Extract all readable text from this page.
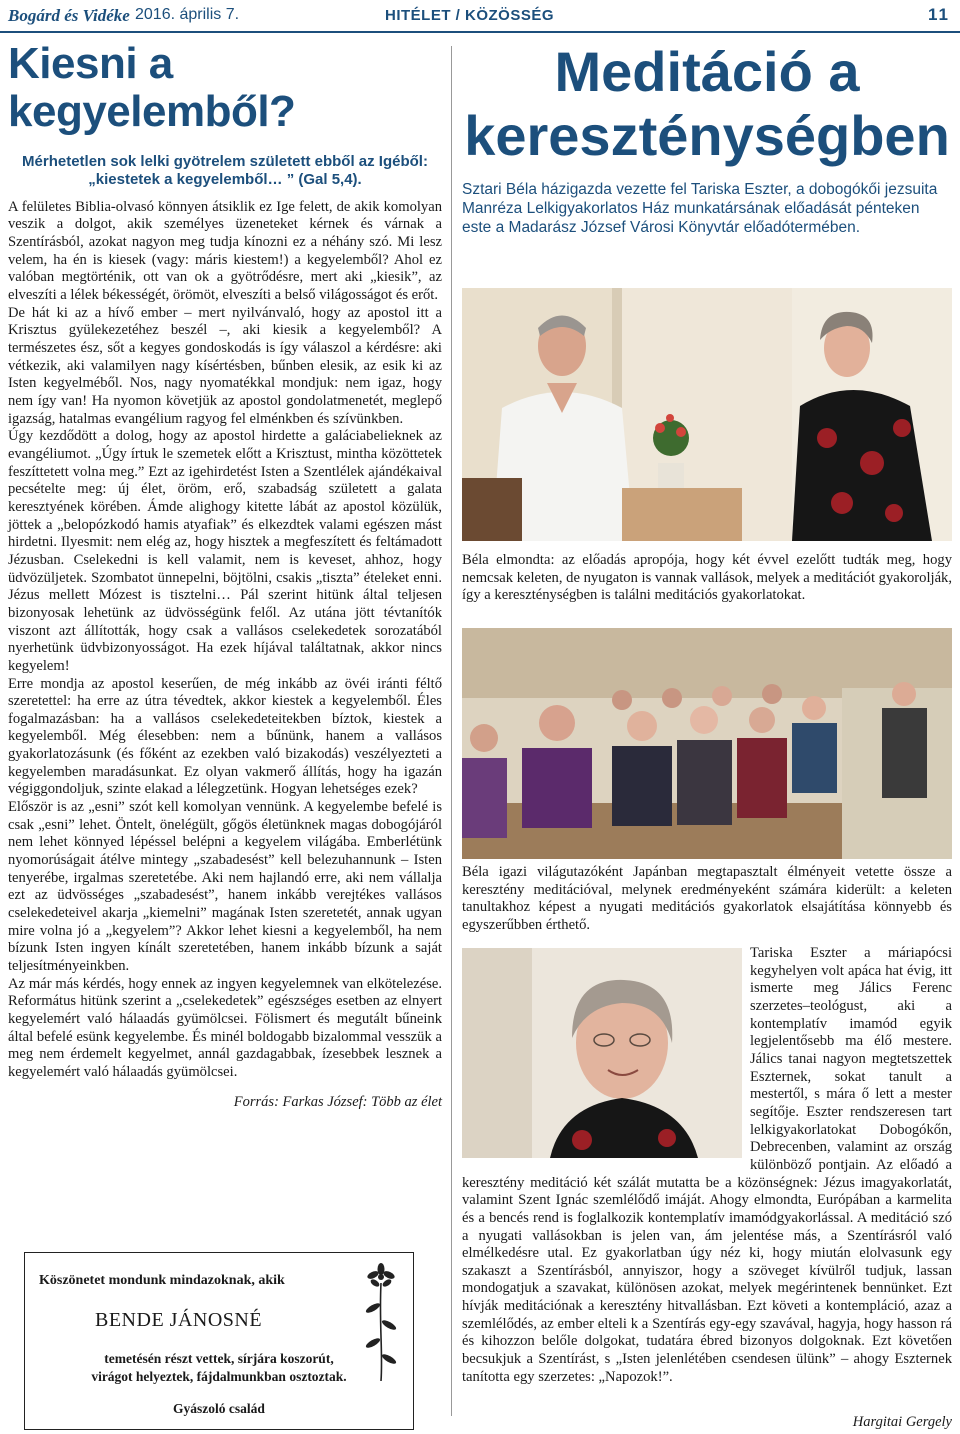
Bogárd és Vidéke 2016. április 7.	HITÉLET / KÖZÖSSÉG	11
Kiesni a kegyelemből?
Mérhetetlen sok lelki gyötrelem született ebből az Igéből: „kiestetek a kegyelemből… ” (Gal 5,4).

A felületes Biblia-olvasó könnyen átsiklik ez Ige felett, de akik komolyan veszik a dolgot, akik személyes üzeneteket kérnek és várnak a Szentírásból, azokat nagyon meg tudja kínozni ez a néhány szó. Mi lesz velem, ha én is kiesek (vagy: máris kiestem!) a kegyelemből? Ahol ez valóban megtörténik, ott van ok a gyötrődésre, mert aki „kiesik”, az elveszíti a lélek békességét, örömöt, elveszíti a belső világosságot és erőt.

De hát ki az a hívő ember – mert nyilvánvaló, hogy az apostol itt a Krisztus gyülekezetéhez beszél –, aki kiesik a kegyelemből? A természetes ész, sőt a kegyes gondoskodás is így válaszol a kérdésre: aki vétkezik, aki valamilyen nagy kísértésben, bűnben elesik, az esik ki az Isten kegyelméből. Nos, nagy nyomatékkal mondjuk: nem igaz, hogy nem így van! Ha nyomon követjük az apostol gondolatmenetét, meglepő igazság, hatalmas evangélium ragyog fel elménkben és szívünkben.

Úgy kezdődött a dolog, hogy az apostol hirdette a galáciabelieknek az evangéliumot. „Úgy írtuk le szemetek előtt a Krisztust, mintha közöttetek feszíttetett volna meg.” Ezt az igehirdetést Isten a Szentlélek ajándékaival pecsételte meg: új élet, öröm, erő, szabadság született a galata keresztyének körében. Ámde alighogy kitette lábát az apostol közülük, jöttek a „belopózkodó hamis atyafiak” és elkezdtek valami egészen mást hirdetni. Ilyesmit: nem elég az, hogy hisztek a megfeszített és feltámadott Jézusban. Cselekedni is kell valamit, nem is keveset, ahhoz, hogy üdvözüljetek. Szombatot ünnepelni, böjtölni, csakis „tiszta” ételeket enni. Jézus mellett Mózest is tisztelni… Pál szerint hitünk által teljesen bizonyosak lehetünk az üdvösségünk felől. Az utána jött tévtanítók viszont azt állították, hogy csak a vallásos cselekedetek sorozatából nyerhetünk üdvbizonyosságot. Ha ezek híjával találtatnak, akkor nincs kegyelem!

Erre mondja az apostol keserűen, de még inkább az övéi iránti féltő szeretettel: ha erre az útra tévedtek, akkor kiestek a kegyelemből. Éles fogalmazásban: ha a vallásos cselekedeteitekben bíztok, kiestek a kegyelemből. Még élesebben: nem a bűnünk, hanem a vallásos gyakorlatozásunk (és főként az ezekben való bizakodás) veszélyezteti a kegyelemben maradásunkat. Ez olyan vakmerő állítás, hogy ha igazán végiggondoljuk, szinte elakad a lélegzetünk. Hogyan lehetséges ezek?

Először is az „esni” szót kell komolyan vennünk. A kegyelembe befelé is csak „esni” lehet. Öntelt, önelégült, gőgös életünknek magas dobogójáról nem lehet könnyed lépéssel belépni a kegyelem világába. Emberlétünk nyomorúságait átélve mintegy „szabadesést” kell belezuhannunk – Isten tenyerébe, irgalmas szeretetébe. Aki nem hajlandó erre, aki nem vállalja ezt az üdvösséges „szabadesést”, hanem inkább verejtékes vallásos cselekedeteivel akarja „kiemelni” magának Isten szeretetét, annak ugyan mire volna jó a „kegyelem”? Akkor lehet kiesni a kegyelemből, ha nem bízunk Isten ingyen kínált szeretetében, hanem inkább bízunk a saját teljesítményeinkben.

Az már más kérdés, hogy ennek az ingyen kegyelemnek van elkötelezése. Református hitünk szerint a „cselekedetek” egészséges esetben az elnyert kegyelemért való hálaadás gyümölcsei. Fölismert és megutált bűneink által befelé esünk kegyelembe. És minél boldogabb bizalommal vesszük a meg nem érdemelt kegyelmet, annál gazdagabbak, ízesebbek lesznek a kegyelemért való hálaadás gyümölcsei.

Forrás: Farkas József: Több az élet
Köszönetet mondunk mindazoknak, akik
BENDE JÁNOSNÉ
temetésén részt vettek, sírjára koszorút,
virágot helyeztek, fájdalmunkban osztoztak.
Gyászoló család
Meditáció a
kereszténységben
Sztari Béla házigazda vezette fel Tariska Eszter, a dobogókői jezsuita Manréza Lelkigyakorlatos Ház munkatársának előadását pénteken este a Madarász József Városi Könyvtár előadótermében.
Béla elmondta: az előadás apropója, hogy két évvel ezelőtt tudták meg, hogy nemcsak keleten, de nyugaton is vannak vallások, melyek a meditációt gyakorolják, így a kereszténységben is találni meditációs gyakorlatokat.
Béla igazi világutazóként Japánban megtapasztalt élményeit vetette össze a keresztény meditációval, melynek eredményeként számára kiderült: a keleten tanultakhoz képest a nyugati meditációs gyakorlatok elsajátítása könnyebb és egyszerűbben érthető.

Tariska Eszter a máriapócsi kegyhelyen volt apáca hat évig, itt ismerte meg Jálics Ferenc szerzetes–teológust, aki a kontemplatív imamód egyik legjelentősebb ma élő mestere. Jálics tanai nagyon megtetszettek Eszternek, sokat tanult a mestertől, s mára ő lett a mester segítője. Eszter rendszeresen tart lelkigyakorlatokat Dobogókőn, Debrecenben, valamint az ország különböző pontjain. Az előadó a keresztény meditáció két szálát mutatta be a közönségnek: Jézus imagyakorlatát, valamint Szent Ignác szemlélődő imáját. Ahogy elmondta, Európában a karmelita és a bencés rend is foglalkozik kontemplatív imamódgyakorlással. A meditáció szó a nyugati vallásokban is jelen van, ám jelentése más, a Szentírásról való elmélkedésre utal. Ez gyakorlatban úgy néz ki, hogy miután elolvasunk egy szakaszt a Szentírásból, annyiszor, hogy a szöveget kívülről tudjuk, lassan mondogatjuk a szavakat, különösen azokat, melyek megérintenek bennünket. Ezt hívják meditációnak a keresztény hitvallásban. Ezt követi a kontempláció, azaz a szemlélődés, az ember elteli k a Szentírás egy-egy szavával, hagyja, hogy hasson rá és kihozzon belőle dolgokat, tudatára ébred bizonyos dolgoknak. Ezt követően becsukjuk a Szentírást, s „Isten jelenlétében csendesen ülünk” – ahogy Eszternek tanította egy szerzetes: „Napozok!”.

Hargitai Gergely
